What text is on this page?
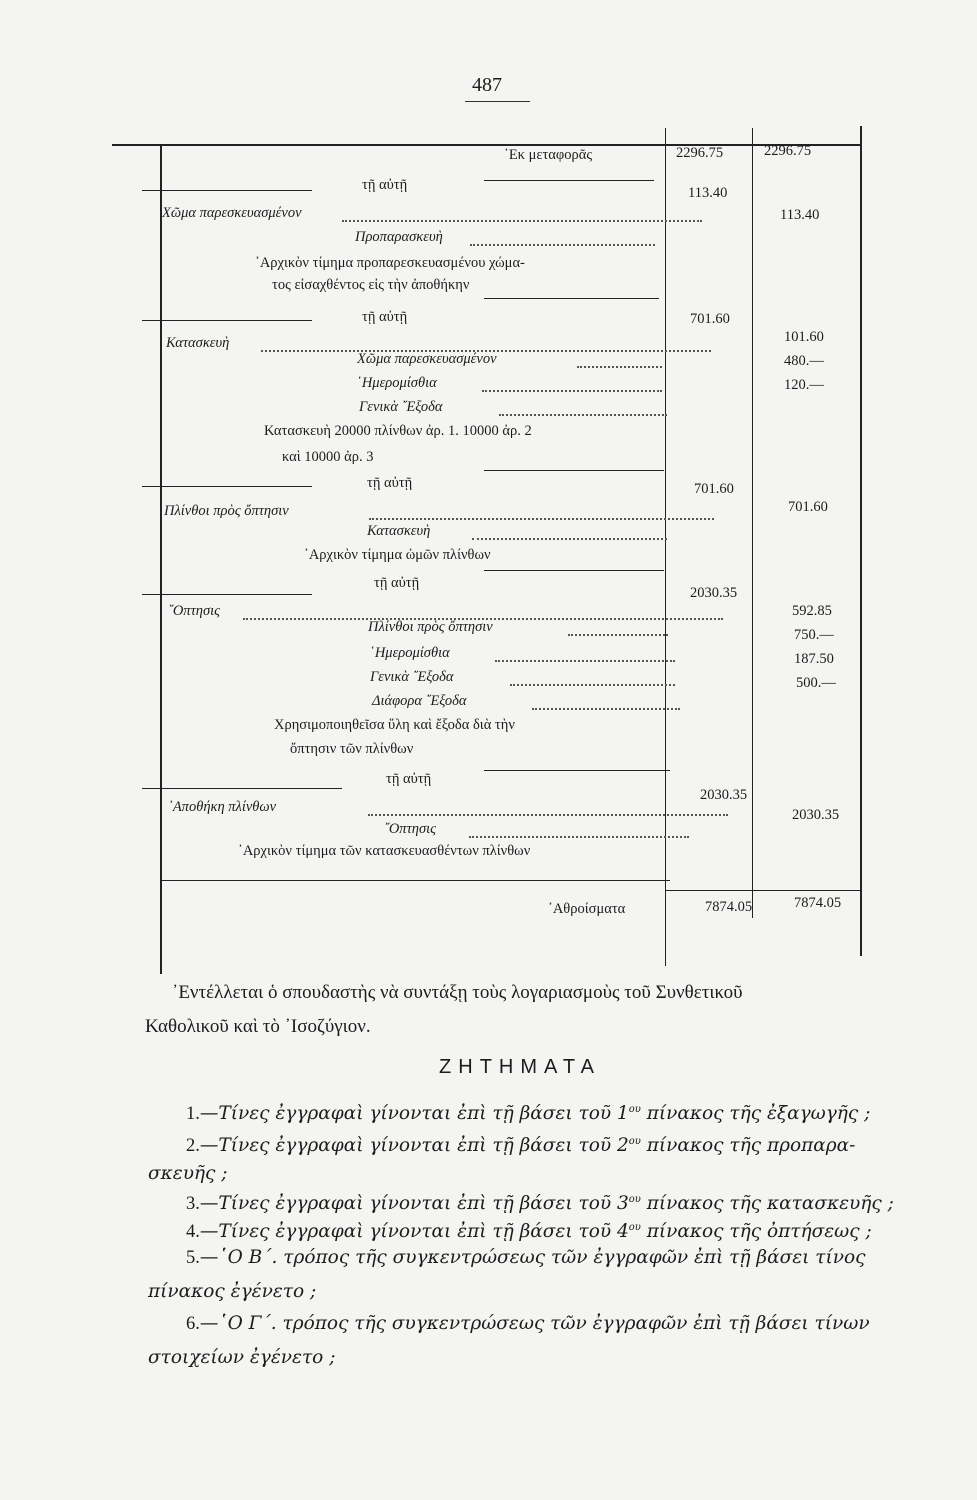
487
᾿Εκ μεταφορᾶς
τῇ αὐτῇ
Χῶμα παρεσκευασμένον
Προπαρασκευὴ
᾿Αρχικὸν τίμημα προπαρεσκευασμένου χώμα-
τος εἰσαχθέντος εἰς τὴν ἀποθήκην
τῇ αὐτῇ
Κατασκευὴ
Χῶμα παρεσκευασμένον
῾Ημερομίσθια
Γενικὰ ῎Εξοδα
Κατασκευὴ 20000 πλίνθων ἀρ. 1. 10000 ἀρ. 2
καὶ 10000 ἀρ. 3
τῇ αὐτῇ
Πλίνθοι πρὸς ὄπτησιν
Κατασκευὴ
᾿Αρχικὸν τίμημα ὠμῶν πλίνθων
τῇ αὐτῇ
῎Οπτησις
Πλίνθοι πρὸς ὄπτησιν
῾Ημερομίσθια
Γενικὰ ῎Εξοδα
Διάφορα ῎Εξοδα
Χρησιμοποιηθεῖσα ὕλη καὶ ἔξοδα διὰ τὴν
ὄπτησιν τῶν πλίνθων
τῇ αὐτῇ
᾿Αποθήκη πλίνθων
῎Οπτησις
᾿Αρχικὸν τίμημα τῶν κατασκευασθέντων πλίνθων
᾿Αθροίσματα
2296.75
113.40
701.60
701.60
2030.35
2030.35
7874.05
2296.75
113.40
101.60
480.—
120.—
701.60
592.85
750.—
187.50
500.—
2030.35
7874.05
᾿Εντέλλεται ὁ σπουδαστὴς νὰ συντάξῃ τοὺς λογαριασμοὺς τοῦ Συνθετικοῦ
Καθολικοῦ καὶ τὸ ᾿Ισοζύγιον.
ΖΗΤΗΜΑΤΑ
1.—Τίνες ἐγγραφαὶ γίνονται ἐπὶ τῇ βάσει τοῦ $1^{o\upsilon}$ πίνακος τῆς ἐξαγωγῆς ;
2.—Τίνες ἐγγραφαὶ γίνονται ἐπὶ τῇ βάσει τοῦ $2^{o\upsilon}$ πίνακος τῆς προπαρα-
σκευῆς ;
3.—Τίνες ἐγγραφαὶ γίνονται ἐπὶ τῇ βάσει τοῦ $3^{o\upsilon}$ πίνακος τῆς κατασκευῆς ;
4.—Τίνες ἐγγραφαὶ γίνονται ἐπὶ τῇ βάσει τοῦ $4^{o\upsilon}$ πίνακος τῆς ὀπτήσεως ;
5.—῾Ο Β΄. τρόπος τῆς συγκεντρώσεως τῶν ἐγγραφῶν ἐπὶ τῇ βάσει τίνος
πίνακος ἐγένετο ;
6.—῾Ο Γ΄. τρόπος τῆς συγκεντρώσεως τῶν ἐγγραφῶν ἐπὶ τῇ βάσει τίνων
στοιχείων ἐγένετο ;
